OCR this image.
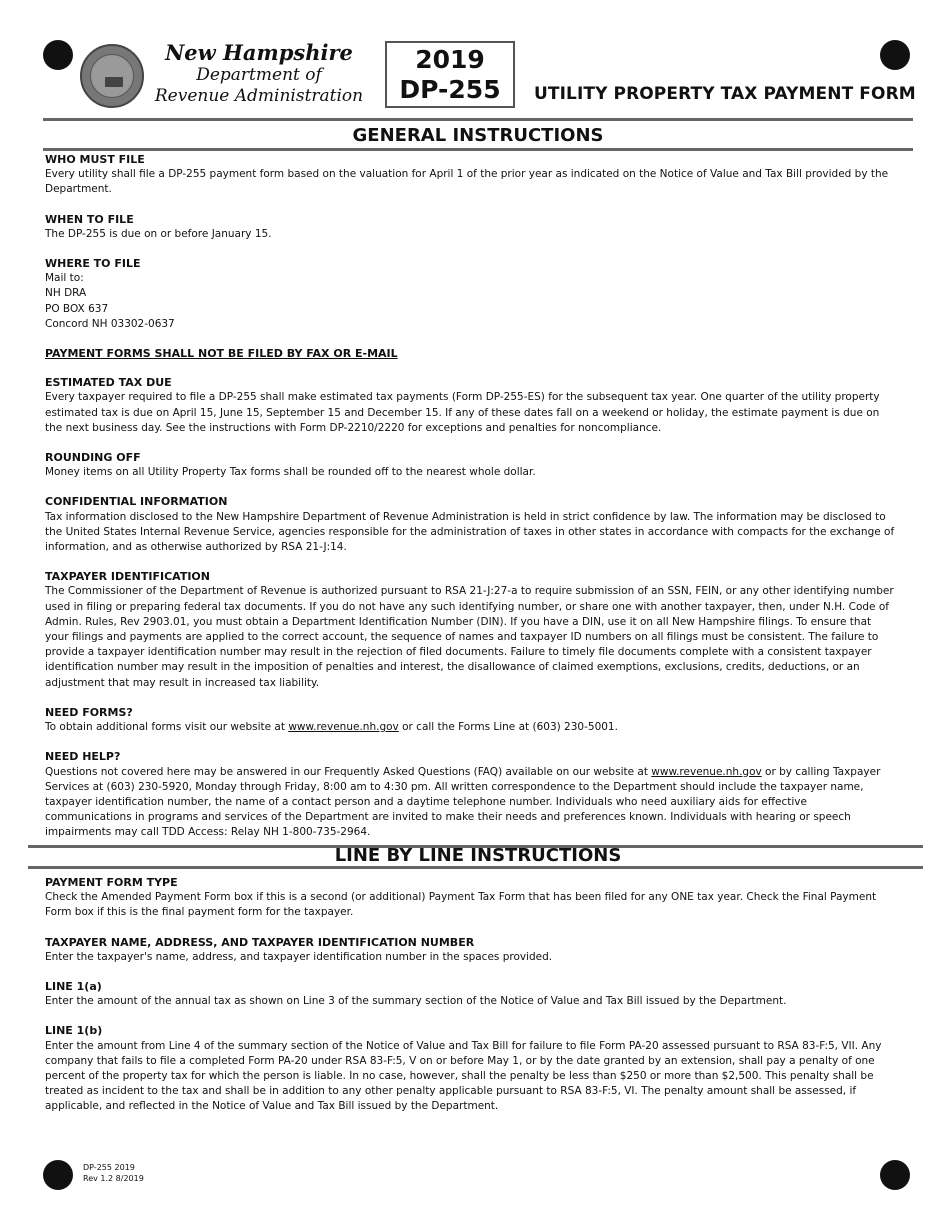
New Hampshire
Department of
Revenue Administration
2019
DP-255	UTILITY PROPERTY TAX PAYMENT FORM
GENERAL INSTRUCTIONS
WHO MUST FILE

Every utility shall file a DP-255 payment form based on the valuation for April 1 of the prior year as indicated on the Notice of Value and Tax Bill provided by the Department.

WHEN TO FILE

The DP-255 is due on or before January 15.

WHERE TO FILE
Mail to:
NH DRA
PO BOX 637
Concord NH 03302-0637
PAYMENT FORMS SHALL NOT BE FILED BY FAX OR E-MAIL
ESTIMATED TAX DUE

Every taxpayer required to file a DP-255 shall make estimated tax payments (Form DP-255-ES) for the subsequent tax year. One quarter of the utility property estimated tax is due on April 15, June 15, September 15 and December 15. If any of these dates fall on a weekend or holiday, the estimate payment is due on the next business day. See the instructions with Form DP-2210/2220 for exceptions and penalties for noncompliance.

ROUNDING OFF

Money items on all Utility Property Tax forms shall be rounded off to the nearest whole dollar.

CONFIDENTIAL INFORMATION

Tax information disclosed to the New Hampshire Department of Revenue Administration is held in strict confidence by law. The information may be disclosed to the United States Internal Revenue Service, agencies responsible for the administration of taxes in other states in accordance with compacts for the exchange of information, and as otherwise authorized by RSA 21-J:14.

TAXPAYER IDENTIFICATION

The Commissioner of the Department of Revenue is authorized pursuant to RSA 21-J:27-a to require submission of an SSN, FEIN, or any other identifying number used in filing or preparing federal tax documents. If you do not have any such identifying number, or share one with another taxpayer, then, under N.H. Code of Admin. Rules, Rev 2903.01, you must obtain a Department Identification Number (DIN). If you have a DIN, use it on all New Hampshire filings. To ensure that your filings and payments are applied to the correct account, the sequence of names and taxpayer ID numbers on all filings must be consistent. The failure to provide a taxpayer identification number may result in the rejection of filed documents. Failure to timely file documents complete with a consistent taxpayer identification number may result in the imposition of penalties and interest, the disallowance of claimed exemptions, exclusions, credits, deductions, or an adjustment that may result in increased tax liability.

NEED FORMS?

To obtain additional forms visit our website at www.revenue.nh.gov or call the Forms Line at (603) 230-5001.

NEED HELP?

Questions not covered here may be answered in our Frequently Asked Questions (FAQ) available on our website at www.revenue.nh.gov or by calling Taxpayer Services at (603) 230-5920, Monday through Friday, 8:00 am to 4:30 pm. All written correspondence to the Department should include the taxpayer name, taxpayer identification number, the name of a contact person and a daytime telephone number. Individuals who need auxiliary aids for effective communications in programs and services of the Department are invited to make their needs and preferences known. Individuals with hearing or speech impairments may call TDD Access: Relay NH 1-800-735-2964.

LINE BY LINE INSTRUCTIONS
PAYMENT FORM TYPE

Check the Amended Payment Form box if this is a second (or additional) Payment Tax Form that has been filed for any ONE tax year. Check the Final Payment Form box if this is the final payment form for the taxpayer.

TAXPAYER NAME, ADDRESS, AND TAXPAYER IDENTIFICATION NUMBER

Enter the taxpayer's name, address, and taxpayer identification number in the spaces provided.

LINE 1(a)

Enter the amount of the annual tax as shown on Line 3 of the summary section of the Notice of Value and Tax Bill issued by the Department.

LINE 1(b)

Enter the amount from Line 4 of the summary section of the Notice of Value and Tax Bill for failure to file Form PA-20 assessed pursuant to RSA 83-F:5, VII. Any company that fails to file a completed Form PA-20 under RSA 83-F:5, V on or before May 1, or by the date granted by an extension, shall pay a penalty of one percent of the property tax for which the person is liable. In no case, however, shall the penalty be less than $250 or more than $2,500. This penalty shall be treated as incident to the tax and shall be in addition to any other penalty applicable pursuant to RSA 83-F:5, VI. The penalty amount shall be assessed, if applicable, and reflected in the Notice of Value and Tax Bill issued by the Department.

DP-255 2019
Rev 1.2 8/2019
